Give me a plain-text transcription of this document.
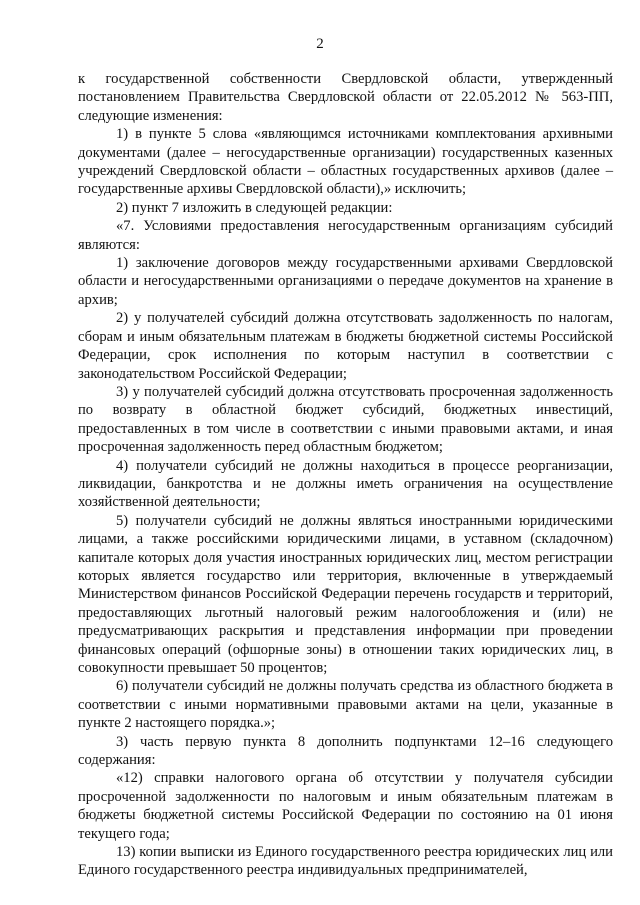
2

к государственной собственности Свердловской области, утвержденный постановлением Правительства Свердловской области от 22.05.2012 № 563-ПП, следующие изменения:

1) в пункте 5 слова «являющимся источниками комплектования архивными документами (далее – негосударственные организации) государственных казенных учреждений Свердловской области – областных государственных архивов (далее – государственные архивы Свердловской области),» исключить;

2) пункт 7 изложить в следующей редакции:

«7. Условиями предоставления негосударственным организациям субсидий являются:

1) заключение договоров между государственными архивами Свердловской области и негосударственными организациями о передаче документов на хранение в архив;

2) у получателей субсидий должна отсутствовать задолженность по налогам, сборам и иным обязательным платежам в бюджеты бюджетной системы Российской Федерации, срок исполнения по которым наступил в соответствии с законодательством Российской Федерации;

3) у получателей субсидий должна отсутствовать просроченная задолженность по возврату в областной бюджет субсидий, бюджетных инвестиций, предоставленных в том числе в соответствии с иными правовыми актами, и иная просроченная задолженность перед областным бюджетом;

4) получатели субсидий не должны находиться в процессе реорганизации, ликвидации, банкротства и не должны иметь ограничения на осуществление хозяйственной деятельности;

5) получатели субсидий не должны являться иностранными юридическими лицами, а также российскими юридическими лицами, в уставном (складочном) капитале которых доля участия иностранных юридических лиц, местом регистрации которых является государство или территория, включенные в утверждаемый Министерством финансов Российской Федерации перечень государств и территорий, предоставляющих льготный налоговый режим налогообложения и (или) не предусматривающих раскрытия и представления информации при проведении финансовых операций (офшорные зоны) в отношении таких юридических лиц, в совокупности превышает 50 процентов;

6) получатели субсидий не должны получать средства из областного бюджета в соответствии с иными нормативными правовыми актами на цели, указанные в пункте 2 настоящего порядка.»;

3) часть первую пункта 8 дополнить подпунктами 12–16 следующего содержания:

«12) справки налогового органа об отсутствии у получателя субсидии просроченной задолженности по налоговым и иным обязательным платежам в бюджеты бюджетной системы Российской Федерации по состоянию на 01 июня текущего года;

13) копии выписки из Единого государственного реестра юридических лиц или Единого государственного реестра индивидуальных предпринимателей,
